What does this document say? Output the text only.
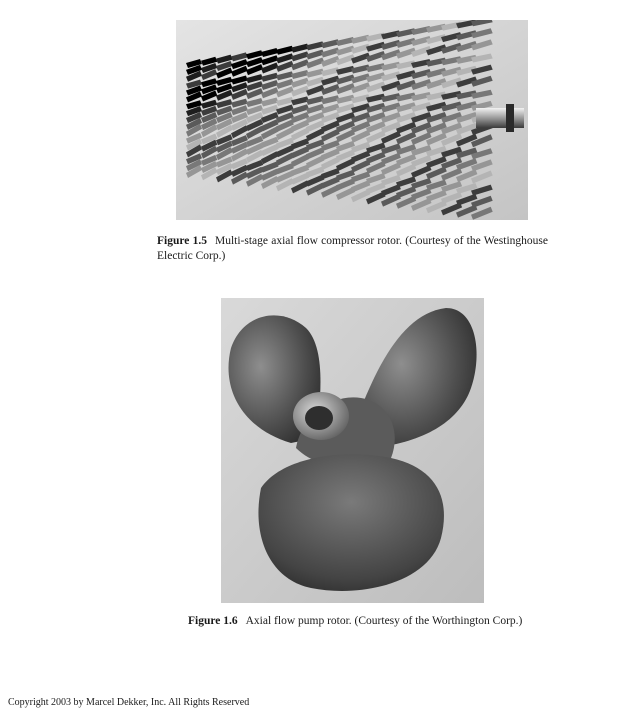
Figure 1.5 Multi-stage axial flow compressor rotor. (Courtesy of the Westinghouse Electric Corp.)
Figure 1.6 Axial flow pump rotor. (Courtesy of the Worthington Corp.)
Copyright 2003 by Marcel Dekker, Inc. All Rights Reserved
